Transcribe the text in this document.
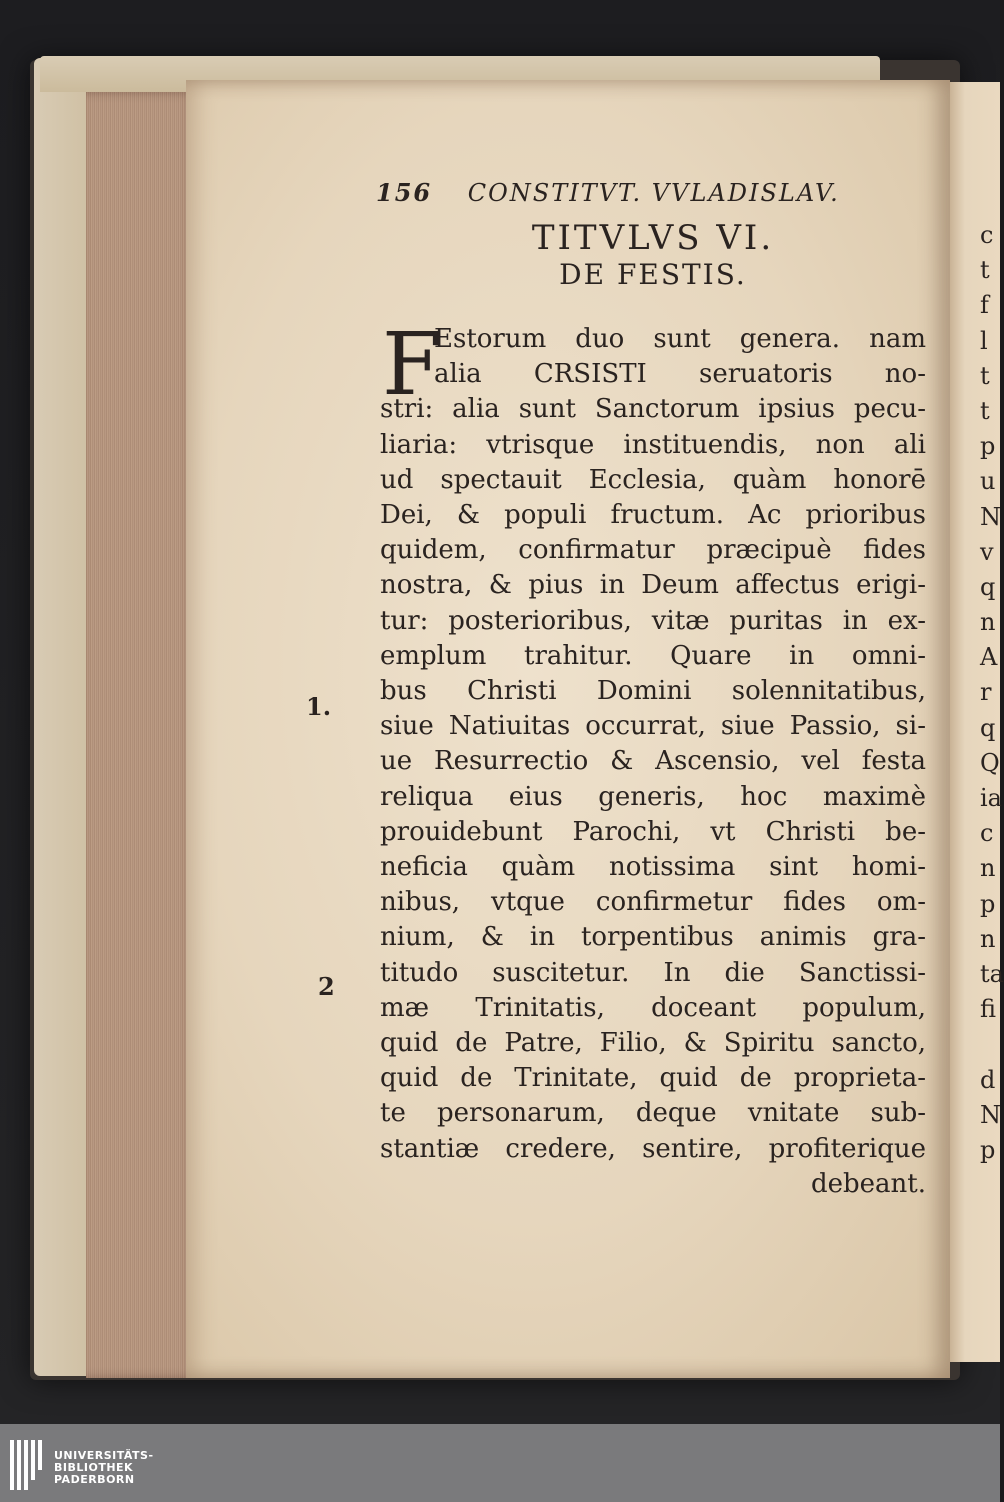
156 CONSTITVT. VVLADISLAV.
TITVLVS VI.
DE FESTIS.
F
Estorum duo sunt genera. nam
alia CRSISTI seruatoris no-
stri: alia sunt Sanctorum ipsius pecu-
liaria: vtrisque instituendis, non ali
ud spectauit Ecclesia, quàm honorē
Dei, & populi fructum. Ac prioribus
quidem, confirmatur præcipuè fides
nostra, & pius in Deum affectus erigi-
tur: posterioribus, vitæ puritas in ex-
emplum trahitur. Quare in omni-
bus Christi Domini solennitatibus,
siue Natiuitas occurrat, siue Passio, si-
ue Resurrectio & Ascensio, vel festa
reliqua eius generis, hoc maximè
prouidebunt Parochi, vt Christi be-
neficia quàm notissima sint homi-
nibus, vtque confirmetur fides om-
nium, & in torpentibus animis gra-
titudo suscitetur. In die Sanctissi-
mæ Trinitatis, doceant populum,
quid de Patre, Filio, & Spiritu sancto,
quid de Trinitate, quid de proprieta-
te personarum, deque vnitate sub-
stantiæ credere, sentire, profiterique
debeant.
1.
2
c
t
f
l
t
t
p
u
N
v
q
n
A
r
q
Q
ia
c
n
p
n
ta
fi
d
N
p
UNIVERSITÄTS-
BIBLIOTHEK
PADERBORN
